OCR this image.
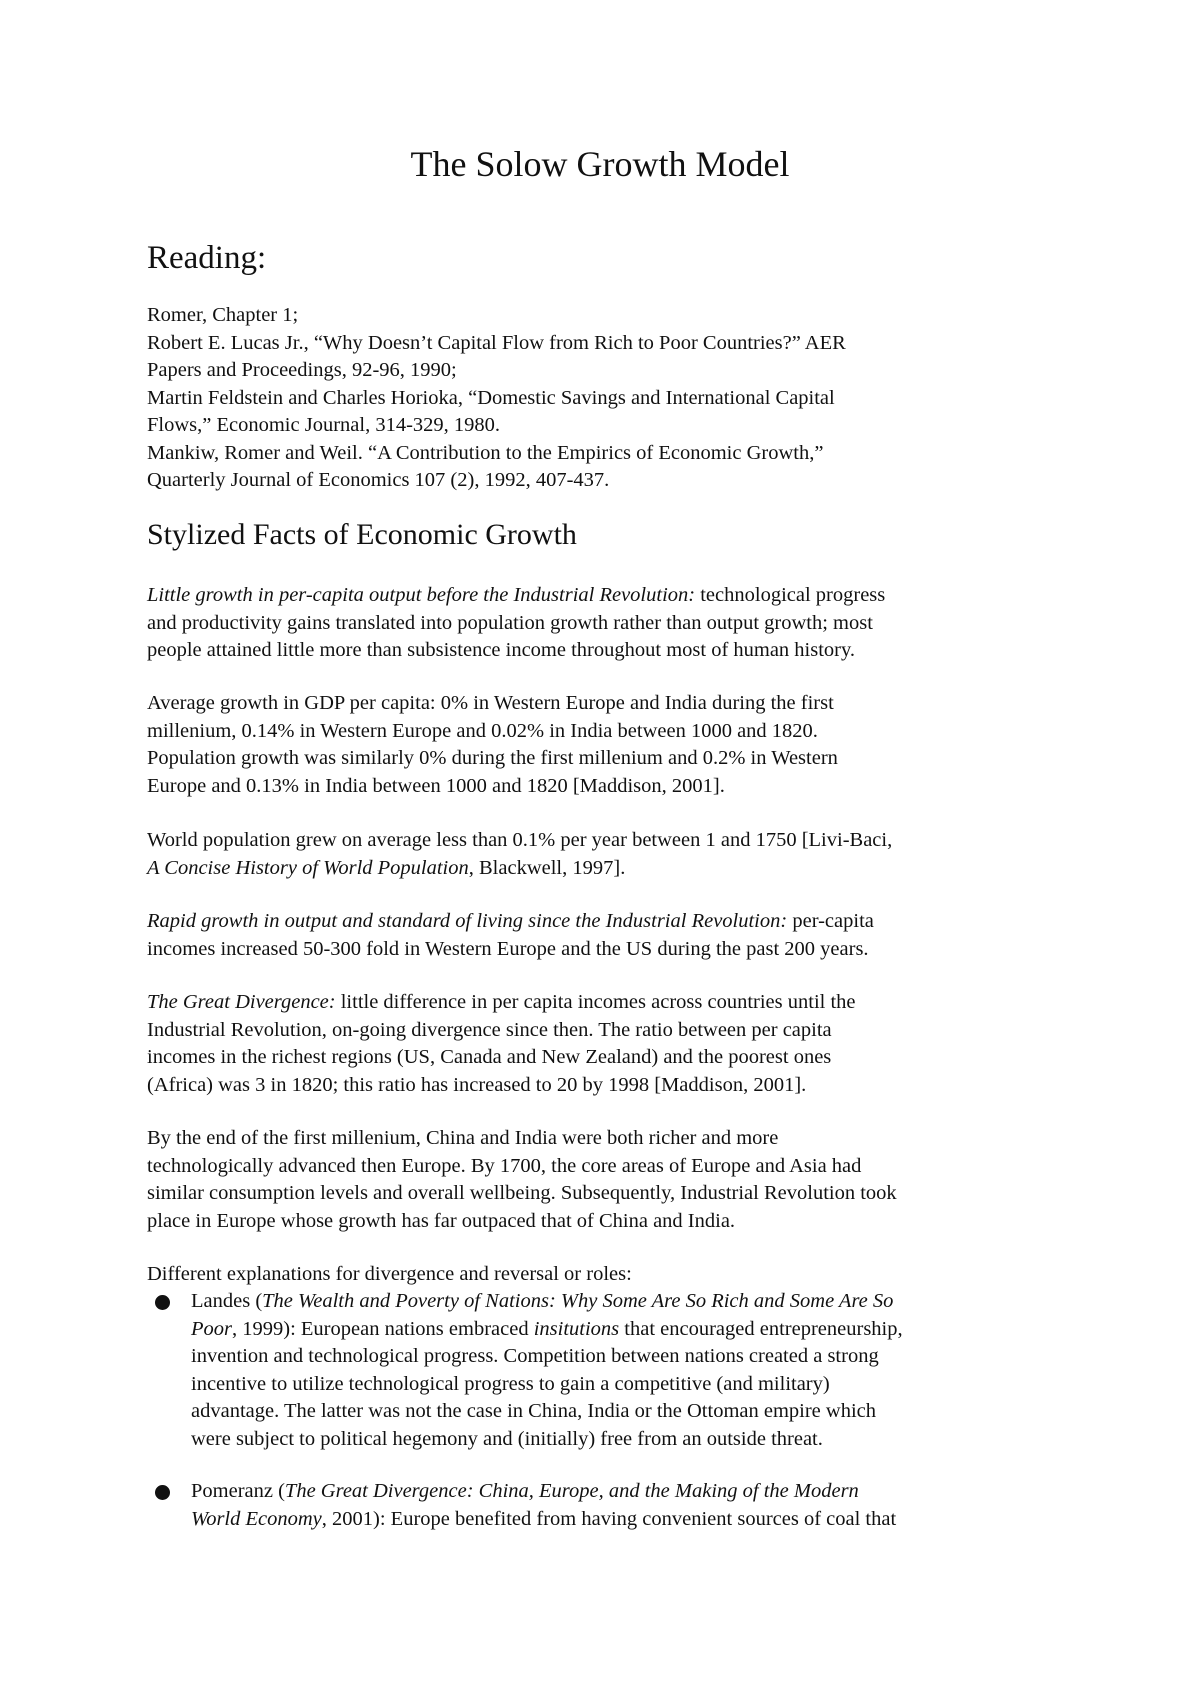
The Solow Growth Model
Reading:
Romer, Chapter 1;
Robert E. Lucas Jr., “Why Doesn’t Capital Flow from Rich to Poor Countries?” AER
Papers and Proceedings, 92-96, 1990;
Martin Feldstein and Charles Horioka, “Domestic Savings and International Capital
Flows,” Economic Journal, 314-329, 1980.
Mankiw, Romer and Weil. “A Contribution to the Empirics of Economic Growth,”
Quarterly Journal of Economics 107 (2), 1992, 407-437.
Stylized Facts of Economic Growth
Little growth in per-capita output before the Industrial Revolution: technological progress
and productivity gains translated into population growth rather than output growth; most
people attained little more than subsistence income throughout most of human history.
Average growth in GDP per capita: 0% in Western Europe and India during the first
millenium, 0.14% in Western Europe and 0.02% in India between 1000 and 1820.
Population growth was similarly 0% during the first millenium and 0.2% in Western
Europe and 0.13% in India between 1000 and 1820 [Maddison, 2001].
World population grew on average less than 0.1% per year between 1 and 1750 [Livi-Baci,
A Concise History of World Population, Blackwell, 1997].
Rapid growth in output and standard of living since the Industrial Revolution: per-capita
incomes increased 50-300 fold in Western Europe and the US during the past 200 years.
The Great Divergence: little difference in per capita incomes across countries until the
Industrial Revolution, on-going divergence since then. The ratio between per capita
incomes in the richest regions (US, Canada and New Zealand) and the poorest ones
(Africa) was 3 in 1820; this ratio has increased to 20 by 1998 [Maddison, 2001].
By the end of the first millenium, China and India were both richer and more
technologically advanced then Europe. By 1700, the core areas of Europe and Asia had
similar consumption levels and overall wellbeing. Subsequently, Industrial Revolution took
place in Europe whose growth has far outpaced that of China and India.
Different explanations for divergence and reversal or roles:
Landes (The Wealth and Poverty of Nations: Why Some Are So Rich and Some Are So
Poor, 1999): European nations embraced insitutions that encouraged entrepreneurship,
invention and technological progress. Competition between nations created a strong
incentive to utilize technological progress to gain a competitive (and military)
advantage. The latter was not the case in China, India or the Ottoman empire which
were subject to political hegemony and (initially) free from an outside threat.
Pomeranz (The Great Divergence: China, Europe, and the Making of the Modern
World Economy, 2001): Europe benefited from having convenient sources of coal that
